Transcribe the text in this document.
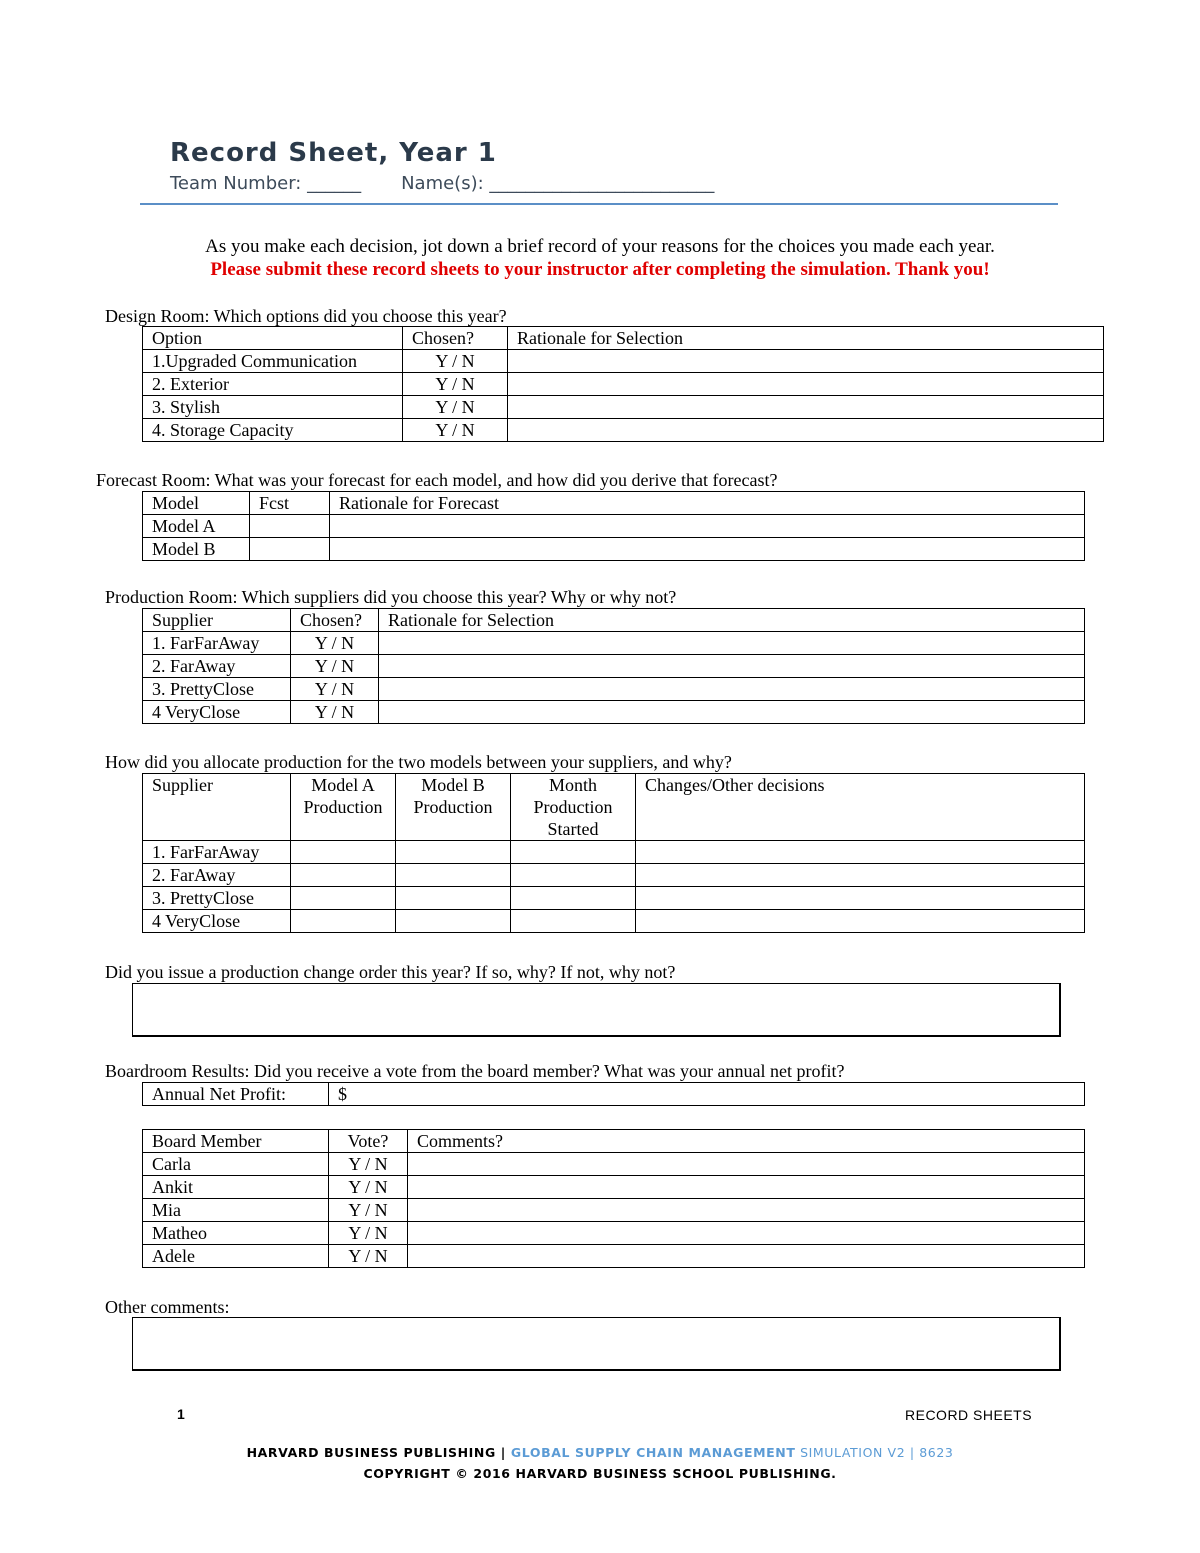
Record Sheet, Year 1
Team Number: ______ Name(s): _________________________
As you make each decision, jot down a brief record of your reasons for the choices you made each year.
Please submit these record sheets to your instructor after completing the simulation. Thank you!
Design Room: Which options did you choose this year?
Option	Chosen?	Rationale for Selection
1.Upgraded Communication	Y / N	
2. Exterior	Y / N	
3. Stylish	Y / N	
4. Storage Capacity	Y / N	
Forecast Room: What was your forecast for each model, and how did you derive that forecast?
Model	Fcst	Rationale for Forecast
Model A		
Model B		
Production Room: Which suppliers did you choose this year? Why or why not?
Supplier	Chosen?	Rationale for Selection
1. FarFarAway	Y / N	
2. FarAway	Y / N	
3. PrettyClose	Y / N	
4 VeryClose	Y / N	
How did you allocate production for the two models between your suppliers, and why?
Supplier	Model A Production	Model B Production	Month Production Started	Changes/Other decisions
1. FarFarAway				
2. FarAway				
3. PrettyClose				
4 VeryClose				
Did you issue a production change order this year? If so, why? If not, why not?
Boardroom Results: Did you receive a vote from the board member? What was your annual net profit?
Annual Net Profit:	$
Board Member	Vote?	Comments?
Carla	Y / N	
Ankit	Y / N	
Mia	Y / N	
Matheo	Y / N	
Adele	Y / N	
Other comments:
1	RECORD SHEETS
HARVARD BUSINESS PUBLISHING | GLOBAL SUPPLY CHAIN MANAGEMENT SIMULATION V2 | 8623
COPYRIGHT © 2016 HARVARD BUSINESS SCHOOL PUBLISHING.
